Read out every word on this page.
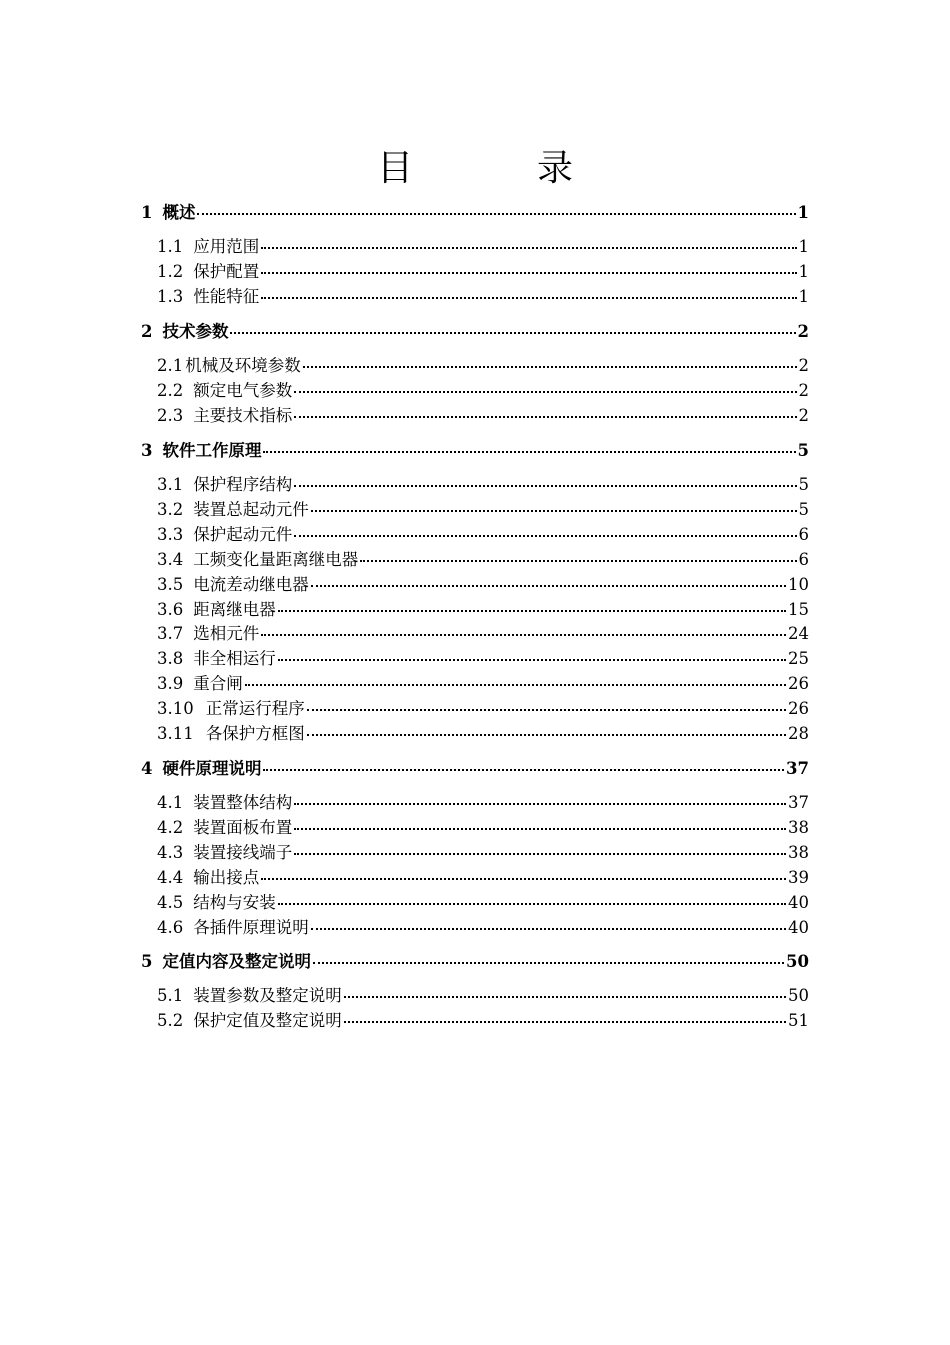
目　录
1 概述	1
1.1 应用范围	1
1.2 保护配置	1
1.3 性能特征	1
2 技术参数	2
2.1 机械及环境参数	2
2.2 额定电气参数	2
2.3 主要技术指标	2
3 软件工作原理	5
3.1 保护程序结构	5
3.2 装置总起动元件	5
3.3 保护起动元件	6
3.4 工频变化量距离继电器	6
3.5 电流差动继电器	10
3.6 距离继电器	15
3.7 选相元件	24
3.8 非全相运行	25
3.9 重合闸	26
3.10 正常运行程序	26
3.11 各保护方框图	28
4 硬件原理说明	37
4.1 装置整体结构	37
4.2 装置面板布置	38
4.3 装置接线端子	38
4.4 输出接点	39
4.5 结构与安装	40
4.6 各插件原理说明	40
5 定值内容及整定说明	50
5.1 装置参数及整定说明	50
5.2 保护定值及整定说明	51
